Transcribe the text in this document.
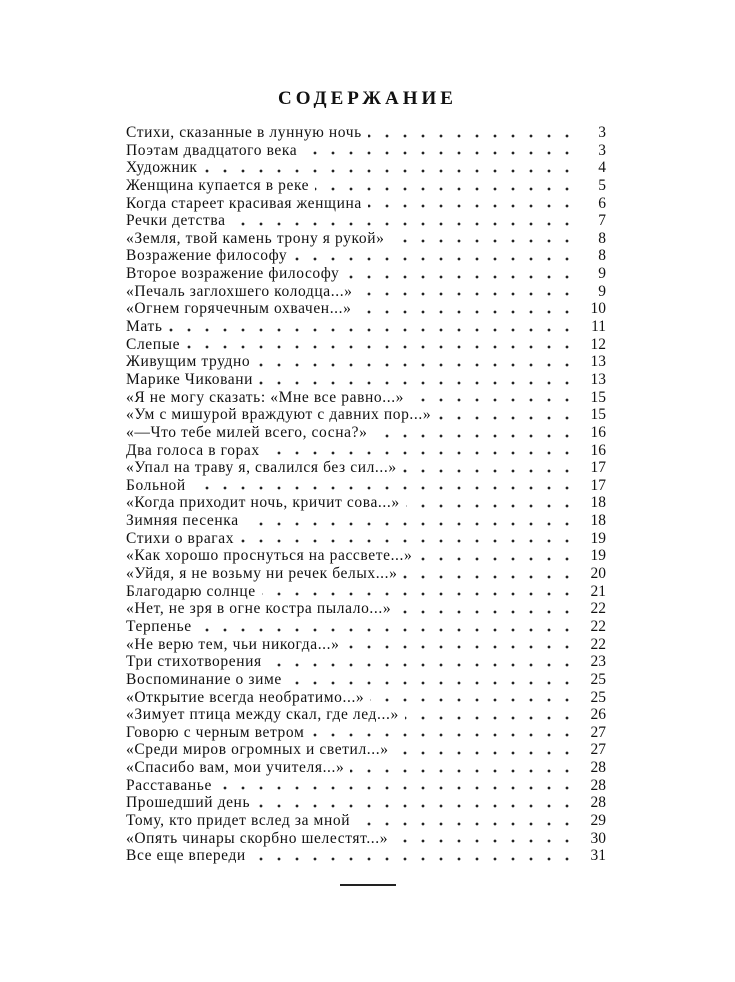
СОДЕРЖАНИЕ
Стихи, сказанные в лунную ночь	3
Поэтам двадцатого века	3
Художник	4
Женщина купается в реке	5
Когда стареет красивая женщина	6
Речки детства	7
«Земля, твой камень трону я рукой»	8
Возражение философу	8
Второе возражение философу	9
«Печаль заглохшего колодца...»	9
«Огнем горячечным охвачен...»	10
Мать	11
Слепые	12
Живущим трудно	13
Марике Чиковани	13
«Я не могу сказать: «Мне все равно...»	15
«Ум с мишурой враждуют с давних пор...»	15
«—Что тебе милей всего, сосна?»	16
Два голоса в горах	16
«Упал на траву я, свалился без сил...»	17
Больной	17
«Когда приходит ночь, кричит сова...»	18
Зимняя песенка	18
Стихи о врагах	19
«Как хорошо проснуться на рассвете...»	19
«Уйдя, я не возьму ни речек белых...»	20
Благодарю солнце	21
«Нет, не зря в огне костра пылало...»	22
Терпенье	22
«Не верю тем, чьи никогда...»	22
Три стихотворения	23
Воспоминание о зиме	25
«Открытие всегда необратимо...»	25
«Зимует птица между скал, где лед...»	26
Говорю с черным ветром	27
«Среди миров огромных и светил...»	27
«Спасибо вам, мои учителя...»	28
Расставанье	28
Прошедший день	28
Тому, кто придет вслед за мной	29
«Опять чинары скорбно шелестят...»	30
Все еще впереди	31
